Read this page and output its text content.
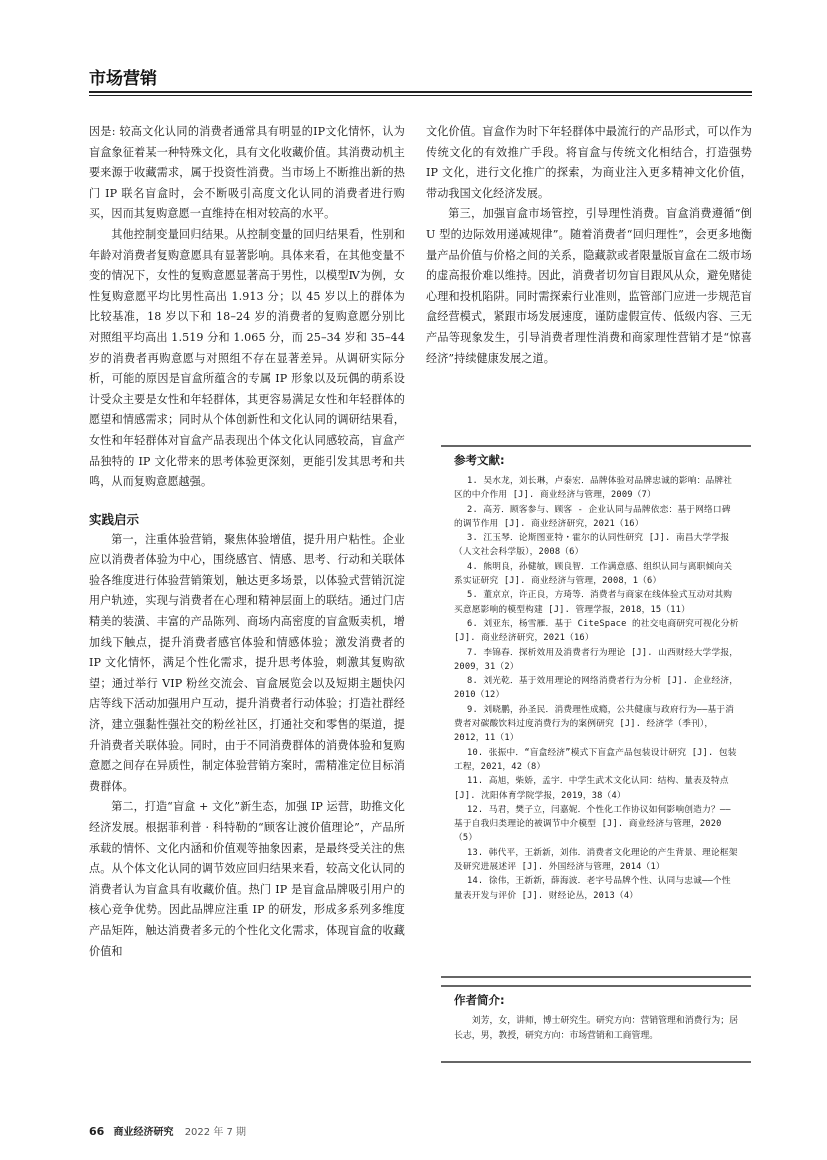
市场营销

因是: 较高文化认同的消费者通常具有明显的IP文化情怀，认为盲盒象征着某一种特殊文化，具有文化收藏价值。其消费动机主要来源于收藏需求，属于投资性消费。当市场上不断推出新的热门 IP 联名盲盒时，会不断吸引高度文化认同的消费者进行购买，因而其复购意愿一直维持在相对较高的水平。

其他控制变量回归结果。从控制变量的回归结果看，性别和年龄对消费者复购意愿具有显著影响。具体来看，在其他变量不变的情况下，女性的复购意愿显著高于男性，以模型Ⅳ为例，女性复购意愿平均比男性高出 1.913 分；以 45 岁以上的群体为比较基准，18 岁以下和 18–24 岁的消费者的复购意愿分别比对照组平均高出 1.519 分和 1.065 分，而 25–34 岁和 35–44 岁的消费者再购意愿与对照组不存在显著差异。从调研实际分析，可能的原因是盲盒所蕴含的专属 IP 形象以及玩偶的萌系设计受众主要是女性和年轻群体，其更容易满足女性和年轻群体的愿望和情感需求；同时从个体创新性和文化认同的调研结果看，女性和年轻群体对盲盒产品表现出个体文化认同感较高，盲盒产品独特的 IP 文化带来的思考体验更深刻，更能引发其思考和共鸣，从而复购意愿越强。

实践启示

第一，注重体验营销，聚焦体验增值，提升用户粘性。企业应以消费者体验为中心，围绕感官、情感、思考、行动和关联体验各维度进行体验营销策划，触达更多场景，以体验式营销沉淀用户轨迹，实现与消费者在心理和精神层面上的联结。通过门店精美的装潢、丰富的产品陈列、商场内高密度的盲盒贩卖机，增加线下触点，提升消费者感官体验和情感体验；激发消费者的 IP 文化情怀，满足个性化需求，提升思考体验，刺激其复购欲望；通过举行 VIP 粉丝交流会、盲盒展览会以及短期主题快闪店等线下活动加强用户互动，提升消费者行动体验；打造社群经济，建立强黏性强社交的粉丝社区，打通社交和零售的渠道，提升消费者关联体验。同时，由于不同消费群体的消费体验和复购意愿之间存在异质性，制定体验营销方案时，需精准定位目标消费群体。

第二，打造“盲盒 + 文化”新生态，加强 IP 运营，助推文化经济发展。根据菲利普 · 科特勒的“顾客让渡价值理论”，产品所承载的情怀、文化内涵和价值观等抽象因素，是最终受关注的焦点。从个体文化认同的调节效应回归结果来看，较高文化认同的消费者认为盲盒具有收藏价值。热门 IP 是盲盒品牌吸引用户的核心竞争优势。因此品牌应注重 IP 的研发，形成多系列多维度产品矩阵，触达消费者多元的个性化文化需求，体现盲盒的收藏价值和

文化价值。盲盒作为时下年轻群体中最流行的产品形式，可以作为传统文化的有效推广手段。将盲盒与传统文化相结合，打造强势 IP 文化，进行文化推广的探索，为商业注入更多精神文化价值，带动我国文化经济发展。

第三，加强盲盒市场管控，引导理性消费。盲盒消费遵循“倒 U 型的边际效用递减规律”。随着消费者“回归理性”，会更多地衡量产品价值与价格之间的关系，隐藏款或者限量版盲盒在二级市场的虚高报价难以维持。因此，消费者切勿盲目跟风从众，避免赌徒心理和投机陷阱。同时需探索行业准则，监管部门应进一步规范盲盒经营模式，紧跟市场发展速度，谨防虚假宣传、低级内容、三无产品等现象发生，引导消费者理性消费和商家理性营销才是“惊喜经济”持续健康发展之道。

参考文献:
1. 吴水龙，刘长琳，卢泰宏．品牌体验对品牌忠诚的影响：品牌社区的中介作用 [J]. 商业经济与管理，2009（7）
2. 高芳．顾客参与、顾客 - 企业认同与品牌依恋：基于网络口碑的调节作用 [J]. 商业经济研究，2021（16）
3. 江玉琴．论斯图亚特・霍尔的认同性研究 [J]. 南昌大学学报（人文社会科学版），2008（6）
4. 熊明良，孙健敏，顾良智．工作满意感、组织认同与离职倾向关系实证研究 [J]. 商业经济与管理，2008，1（6）
5. 董京京，许正良，方琦等．消费者与商家在线体验式互动对其购买意愿影响的模型构建 [J]. 管理学报，2018，15（11）
6. 刘亚东，杨雪雁．基于 CiteSpace 的社交电商研究可视化分析 [J]. 商业经济研究，2021（16）
7. 李锦春．探析效用及消费者行为理论 [J]. 山西财经大学学报，2009，31（2）
8. 刘光乾．基于效用理论的网络消费者行为分析 [J]. 企业经济，2010（12）
9. 刘晓鹏，孙圣民．消费理性成瘾，公共健康与政府行为——基于消费者对碳酸饮料过度消费行为的案例研究 [J]. 经济学（季刊），2012，11（1）
10. 张振中．“盲盒经济”模式下盲盒产品包装设计研究 [J]. 包装工程，2021，42（8）
11. 高旭，柴娇，孟宇．中学生武术文化认同：结构、量表及特点 [J]. 沈阳体育学院学报，2019，38（4）
12. 马君，樊子立，闫嘉妮．个性化工作协议如何影响创造力？——基于自我归类理论的被调节中介模型 [J]. 商业经济与管理，2020（5）
13. 韩代平，王新新，刘伟．消费者文化理论的产生背景、理论框架及研究进展述评 [J]. 外国经济与管理，2014（1）
14. 徐伟，王新新，薛海波．老字号品牌个性、认同与忠诚——个性量表开发与评价 [J]. 财经论丛，2013（4）
作者简介:

刘芳，女，讲师，博士研究生。研究方向：营销管理和消费行为；居长志，男，教授，研究方向：市场营销和工商管理。

66 商业经济研究 2022 年 7 期
